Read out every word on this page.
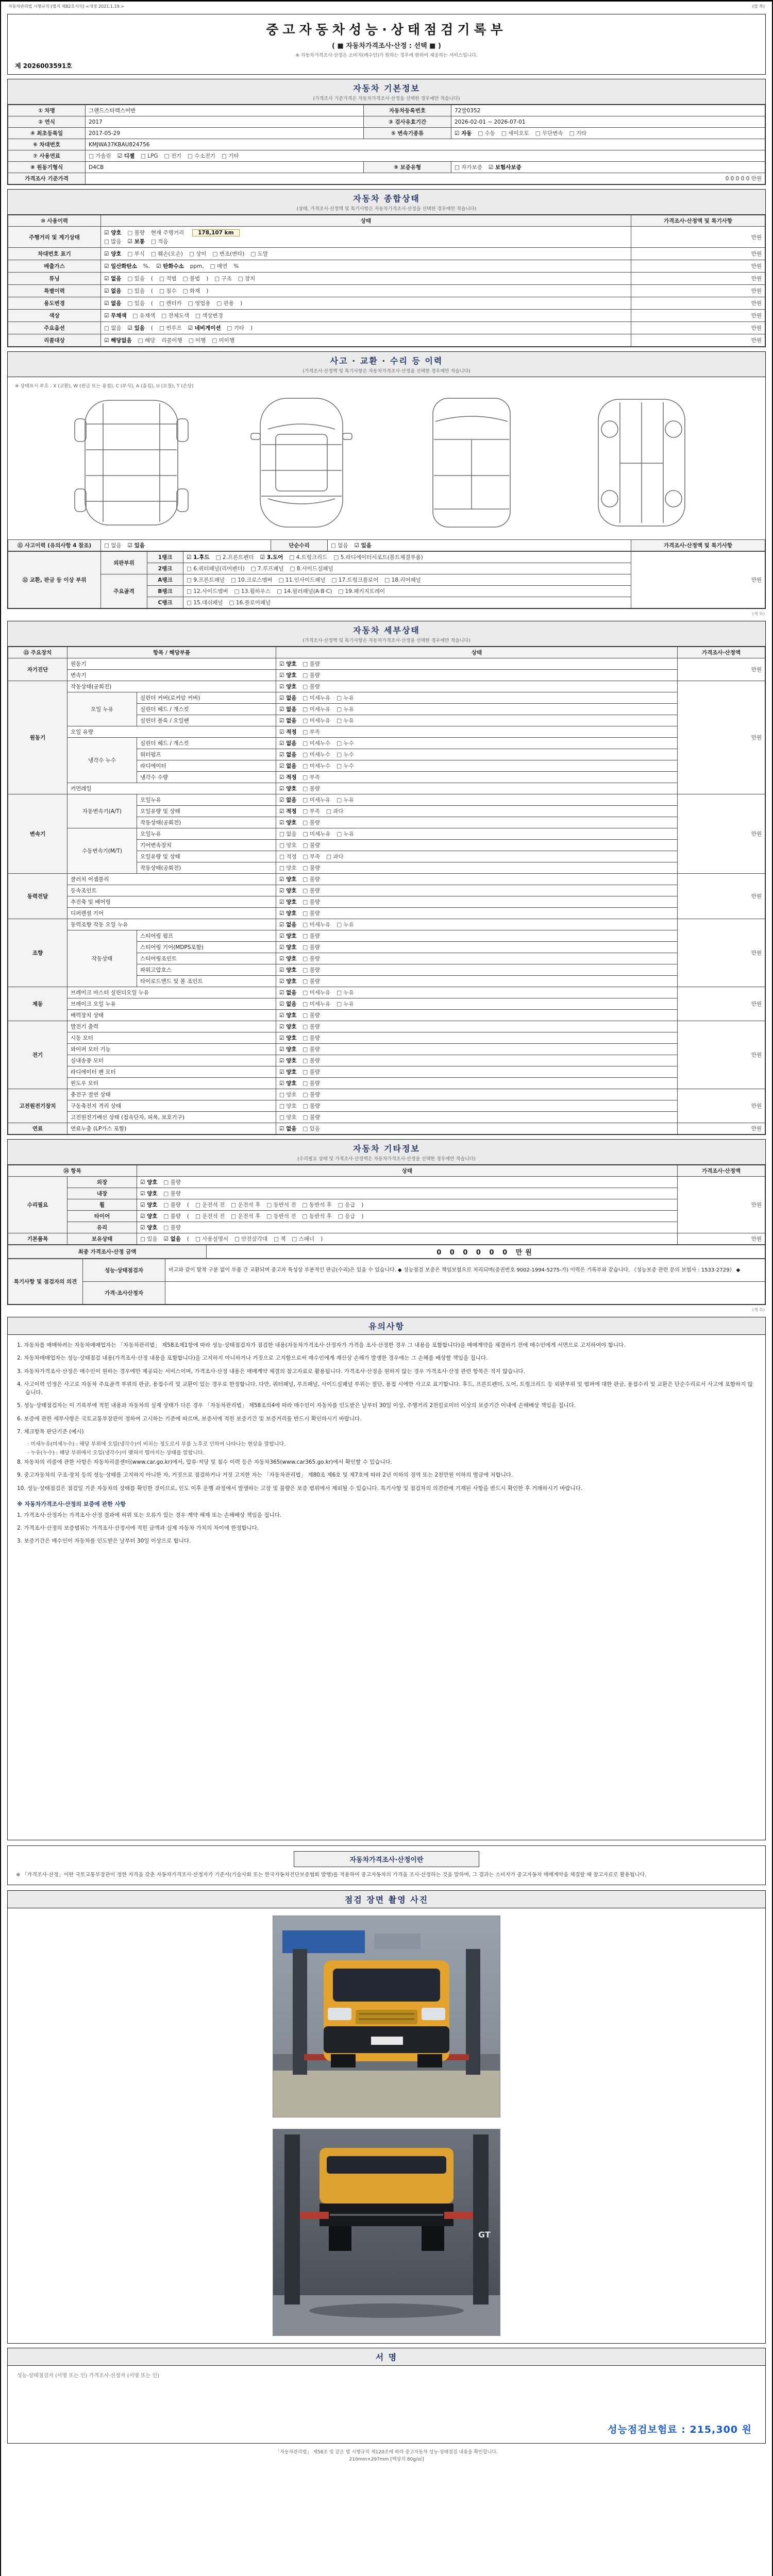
자동차관리법 시행규칙 [별지 제82호서식] <개정 2021.1.19.>	(앞 쪽)
중고자동차성능·상태점검기록부
( ■ 자동차가격조사·산정 : 선택 ■ )
※ 자동차가격조사·산정은 소비자(매수인)가 원하는 경우에 한하여 제공하는 서비스입니다.
제 2026003591호
자동차 기본정보
(가격조사 기준가격은 자동차가격조사·산정을 선택한 경우에만 적습니다)
① 차명	그랜드스타렉스어반	자동차등록번호	72발0352
② 연식	2017	③ 검사유효기간	2026-02-01 ~ 2026-07-01
④ 최초등록일	2017-05-29	⑤ 변속기종류	☑ 자동 □ 수동 □ 세미오토 □ 무단변속 □ 기타
⑥ 차대번호	KMJWA37KBAU824756		
⑦ 사용연료	□ 가솔린 ☑ 디젤 □ LPG □ 전기 □ 수소전기 □ 기타		
⑧ 원동기형식	D4CB	⑨ 보증유형	□ 자가보증 ☑ 보험사보증
가격조사 기준가격	0 0 0 0 0 만원		
자동차 종합상태
(상태, 가격조사·산정액 및 특기사항은 자동차가격조사·산정을 선택한 경우에만 적습니다)
⑩ 사용이력	상태	가격조사·산정액 및 특기사항
주행거리 및 계기상태	☑ 양호 □ 불량 현재 주행거리 178,107 km
□ 많음 ☑ 보통 □ 적음	만원
차대번호 표기	☑ 양호 □ 부식 □ 훼손(오손) □ 상이 □ 변조(변타) □ 도말	만원
배출가스	☑ 일산화탄소 %, ☑ 탄화수소 ppm, □ 매연 %	만원
튜닝	☑ 없음 □ 있음 ( □ 적법 □ 불법 ) □ 구조 □ 장치	만원
특별이력	☑ 없음 □ 있음 ( □ 침수 □ 화재 )	만원
용도변경	☑ 없음 □ 있음 ( □ 렌터카 □ 영업용 □ 관용 )	만원
색상	☑ 무채색 □ 유채색 □ 전체도색 □ 색상변경	만원
주요옵션	□ 없음 ☑ 있음 ( □ 썬루프 ☑ 네비게이션 □ 기타 )	만원
리콜대상	☑ 해당없음 □ 해당 리콜이행 □ 이행 □ 미이행	만원
사고 · 교환 · 수리 등 이력
(가격조사·산정액 및 특기사항은 자동차가격조사·산정을 선택한 경우에만 적습니다)
※ 상태표시 부호 : X (교환), W (판금 또는 용접), C (부식), A (흠집), U (요철), T (손상)
⑪ 사고이력 (유의사항 4 참조)	□ 없음 ☑ 있음	단순수리	□ 없음 ☑ 있음	가격조사·산정액 및 특기사항
⑫ 교환, 판금 등 이상 부위	외판부위	1랭크	☑ 1.후드 □ 2.프론트펜더 ☑ 3.도어 □ 4.트렁크리드 □ 5.라디에이터서포트(볼트체결부품)	만원
		2랭크	□ 6.쿼터패널(리어펜더) □ 7.루프패널 □ 8.사이드실패널	
	주요골격	A랭크	□ 9.프론트패널 □ 10.크로스멤버 □ 11.인사이드패널 □ 17.트렁크플로어 □ 18.리어패널	
		B랭크	□ 12.사이드멤버 □ 13.휠하우스 □ 14.필러패널(A·B·C) □ 19.패키지트레이	
		C랭크	□ 15.대쉬패널 □ 16.플로어패널	
(계 속)
자동차 세부상태
(가격조사·산정액 및 특기사항은 자동차가격조사·산정을 선택한 경우에만 적습니다)
⑬ 주요장치	항목 / 해당부품		상태	가격조사·산정액
자기진단	원동기		☑ 양호 □ 불량	만원
	변속기		☑ 양호 □ 불량	
원동기	작동상태(공회전)		☑ 양호 □ 불량	만원
	오일 누유	실린더 커버(로커암 커버)	☑ 없음 □ 미세누유 □ 누유	
		실린더 헤드 / 개스킷	☑ 없음 □ 미세누유 □ 누유	
		실린더 블록 / 오일팬	☑ 없음 □ 미세누유 □ 누유	
	오일 유량		☑ 적정 □ 부족	
	냉각수 누수	실린더 헤드 / 개스킷	☑ 없음 □ 미세누수 □ 누수	
		워터펌프	☑ 없음 □ 미세누수 □ 누수	
		라디에이터	☑ 없음 □ 미세누수 □ 누수	
		냉각수 수량	☑ 적정 □ 부족	
	커먼레일		☑ 양호 □ 불량	
변속기	자동변속기(A/T)	오일누유	☑ 없음 □ 미세누유 □ 누유	만원
		오일유량 및 상태	☑ 적정 □ 부족 □ 과다	
		작동상태(공회전)	☑ 양호 □ 불량	
	수동변속기(M/T)	오일누유	□ 없음 □ 미세누유 □ 누유	
		기어변속장치	□ 양호 □ 불량	
		오일유량 및 상태	□ 적정 □ 부족 □ 과다	
		작동상태(공회전)	□ 양호 □ 불량	
동력전달	클러치 어셈블리		☑ 양호 □ 불량	만원
	등속조인트		☑ 양호 □ 불량	
	추진축 및 베어링		☑ 양호 □ 불량	
	디퍼렌셜 기어		☑ 양호 □ 불량	
조향	동력조향 작동 오일 누유		☑ 없음 □ 미세누유 □ 누유	만원
	작동상태	스티어링 펌프	☑ 양호 □ 불량	
		스티어링 기어(MDPS포함)	☑ 양호 □ 불량	
		스티어링조인트	☑ 양호 □ 불량	
		파워고압호스	☑ 양호 □ 불량	
		타이로드엔드 및 볼 조인트	☑ 양호 □ 불량	
제동	브레이크 마스터 실린더오일 누유		☑ 없음 □ 미세누유 □ 누유	만원
	브레이크 오일 누유		☑ 없음 □ 미세누유 □ 누유	
	배력장치 상태		☑ 양호 □ 불량	
전기	발전기 출력		☑ 양호 □ 불량	만원
	시동 모터		☑ 양호 □ 불량	
	와이퍼 모터 기능		☑ 양호 □ 불량	
	실내송풍 모터		☑ 양호 □ 불량	
	라디에이터 팬 모터		☑ 양호 □ 불량	
	윈도우 모터		☑ 양호 □ 불량	
고전원전기장치	충전구 절연 상태		□ 양호 □ 불량	만원
	구동축전지 격리 상태		□ 양호 □ 불량	
	고전원전기배선 상태 (접속단자, 피복, 보호기구)		□ 양호 □ 불량	
연료	연료누출 (LP가스 포함)		☑ 없음 □ 있음	만원
자동차 기타정보
(수리필요 상태 및 가격조사·산정액은 자동차가격조사·산정을 선택한 경우에만 적습니다)
⑭ 항목		상태	가격조사·산정액
수리필요	외장	☑ 양호 □ 불량	만원
	내장	☑ 양호 □ 불량	
	휠	☑ 양호 □ 불량(□ 운전석 전 □ 운전석 후 □ 동반석 전 □ 동반석 후 □ 응급)	
	타이어	☑ 양호 □ 불량(□ 운전석 전 □ 운전석 후 □ 동반석 전 □ 동반석 후 □ 응급)	
	유리	☑ 양호 □ 불량	
기본품목	보유상태	□ 있음 ☑ 없음(□ 사용설명서 □ 안전삼각대 □ 잭 □ 스패너)	만원
최종 가격조사·산정 금액	0 0 0 0 0 0 만원
특기사항 및 점검자의 의견	성능·상태점검자	비고와 같이 탈착 구분 없이 부품 간 교환되며 중고차 특성상 부분적인 판금(수리)은 있을 수 있습니다. ◆ 성능점검 보증은 책임보험으로 처리되며(증권번호 9002-1994-5275-가) 이력은 기록부와 같습니다. 《성능보증 관련 문의 보험사 : 1533-2729》 ◆
	가격·조사산정자	
(계 속)
유의사항
1. 자동차를 매매하려는 자동차매매업자는 「자동차관리법」 제58조제1항에 따라 성능·상태점검자가 점검한 내용(자동차가격조사·산정자가 가격을 조사·산정한 경우 그 내용을 포함합니다)을 매매계약을 체결하기 전에 매수인에게 서면으로 고지하여야 합니다.
2. 자동차매매업자는 성능·상태점검 내용(가격조사·산정 내용을 포함합니다)을 고지하지 아니하거나 거짓으로 고지함으로써 매수인에게 재산상 손해가 발생한 경우에는 그 손해를 배상할 책임을 집니다.
3. 자동차가격조사·산정은 매수인이 원하는 경우에만 제공되는 서비스이며, 가격조사·산정 내용은 매매계약 체결의 참고자료로 활용됩니다. 가격조사·산정을 원하지 않는 경우 가격조사·산정 관련 항목은 적지 않습니다.
4. 사고이력 인정은 사고로 자동차 주요골격 부위의 판금, 용접수리 및 교환이 있는 경우로 한정합니다. 다만, 쿼터패널, 루프패널, 사이드실패널 부위는 절단, 용접 시에만 사고로 표기합니다. 후드, 프론트펜더, 도어, 트렁크리드 등 외판부위 및 범퍼에 대한 판금, 용접수리 및 교환은 단순수리로서 사고에 포함하지 않습니다.
5. 성능·상태점검자는 이 기록부에 적힌 내용과 자동차의 실제 상태가 다른 경우 「자동차관리법」 제58조의4에 따라 매수인이 자동차를 인도받은 날부터 30일 이상, 주행거리 2천킬로미터 이상의 보증기간 이내에 손해배상 책임을 집니다.
6. 보증에 관한 세부사항은 국토교통부장관이 정하여 고시하는 기준에 따르며, 보증서에 적힌 보증기간 및 보증거리를 반드시 확인하시기 바랍니다.
7. 체크항목 판단기준 (예시)
· 미세누유(미세누수) : 해당 부위에 오일(냉각수)이 비치는 정도로서 부품 노후로 인하여 나타나는 현상을 말합니다.
· 누유(누수) : 해당 부위에서 오일(냉각수)이 맺혀서 떨어지는 상태를 말합니다.
8. 자동차의 리콜에 관한 사항은 자동차리콜센터(www.car.go.kr)에서, 압류·저당 및 침수 이력 등은 자동차365(www.car365.go.kr)에서 확인할 수 있습니다.
9. 중고자동차의 구조·장치 등의 성능·상태를 고지하지 아니한 자, 거짓으로 점검하거나 거짓 고지한 자는 「자동차관리법」 제80조 제6호 및 제7호에 따라 2년 이하의 징역 또는 2천만원 이하의 벌금에 처합니다.
10. 성능·상태점검은 점검일 기준 자동차의 상태를 확인한 것이므로, 인도 이후 운행 과정에서 발생하는 고장 및 불량은 보증 범위에서 제외될 수 있습니다. 특기사항 및 점검자의 의견란에 기재된 사항을 반드시 확인한 후 거래하시기 바랍니다.
※ 자동차가격조사·산정의 보증에 관한 사항
1. 가격조사·산정자는 가격조사·산정 결과에 허위 또는 오류가 있는 경우 계약 해제 또는 손해배상 책임을 집니다.
2. 가격조사·산정의 보증범위는 가격조사·산정서에 적힌 금액과 실제 자동차 가치의 차이에 한정합니다.
3. 보증기간은 매수인이 자동차를 인도받은 날부터 30일 이상으로 합니다.
자동차가격조사·산정이란
※ 「가격조사·산정」이란 국토교통부장관이 정한 자격을 갖춘 자동차가격조사·산정자가 기준서(기술사회 또는 한국자동차진단보증협회 발행)를 적용하여 중고자동차의 가격을 조사·산정하는 것을 말하며, 그 결과는 소비자가 중고자동차 매매계약을 체결할 때 참고자료로 활용됩니다.
점검 장면 촬영 사진
GT
서 명
성능·상태점검자 (서명 또는 인) 가격조사·산정자 (서명 또는 인)
성능점검보험료 : 215,300 원
「자동차관리법」 제58조 및 같은 법 시행규칙 제120조에 따라 중고자동차 성능·상태점검 내용을 확인합니다.
210mm×297mm [백상지 80g/㎡]
